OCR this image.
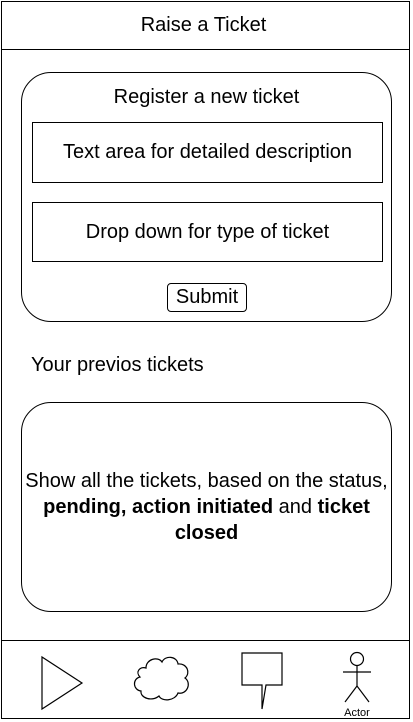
Raise a Ticket
Register a new ticket
Text area for detailed description
Drop down for type of ticket
Submit
Your previos tickets
Show all the tickets, based on the status, pending, action initiated and ticket closed
Actor
